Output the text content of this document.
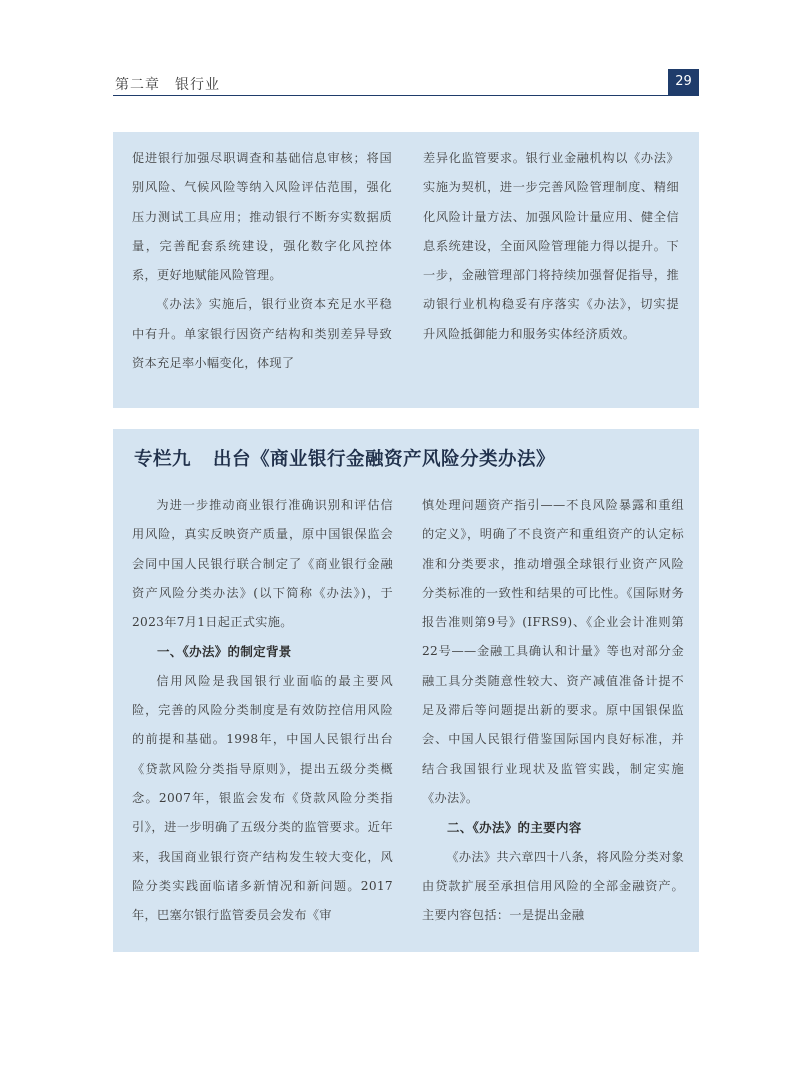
第二章　银行业	29

促进银行加强尽职调查和基础信息审核；将国别风险、气候风险等纳入风险评估范围，强化压力测试工具应用；推动银行不断夯实数据质量，完善配套系统建设，强化数字化风控体系，更好地赋能风险管理。

《办法》实施后，银行业资本充足水平稳中有升。单家银行因资产结构和类别差异导致资本充足率小幅变化，体现了

差异化监管要求。银行业金融机构以《办法》实施为契机，进一步完善风险管理制度、精细化风险计量方法、加强风险计量应用、健全信息系统建设，全面风险管理能力得以提升。下一步，金融管理部门将持续加强督促指导，推动银行业机构稳妥有序落实《办法》，切实提升风险抵御能力和服务实体经济质效。

专栏九 出台《商业银行金融资产风险分类办法》

为进一步推动商业银行准确识别和评估信用风险，真实反映资产质量，原中国银保监会会同中国人民银行联合制定了《商业银行金融资产风险分类办法》(以下简称《办法》)，于2023年7月1日起正式实施。

一、《办法》的制定背景

信用风险是我国银行业面临的最主要风险，完善的风险分类制度是有效防控信用风险的前提和基础。1998年，中国人民银行出台《贷款风险分类指导原则》，提出五级分类概念。2007年，银监会发布《贷款风险分类指引》，进一步明确了五级分类的监管要求。近年来，我国商业银行资产结构发生较大变化，风险分类实践面临诸多新情况和新问题。2017年，巴塞尔银行监管委员会发布《审

慎处理问题资产指引——不良风险暴露和重组的定义》，明确了不良资产和重组资产的认定标准和分类要求，推动增强全球银行业资产风险分类标准的一致性和结果的可比性。《国际财务报告准则第9号》(IFRS9)、《企业会计准则第22号——金融工具确认和计量》等也对部分金融工具分类随意性较大、资产减值准备计提不足及滞后等问题提出新的要求。原中国银保监会、中国人民银行借鉴国际国内良好标准，并结合我国银行业现状及监管实践，制定实施《办法》。

二、《办法》的主要内容

《办法》共六章四十八条，将风险分类对象由贷款扩展至承担信用风险的全部金融资产。主要内容包括：一是提出金融
